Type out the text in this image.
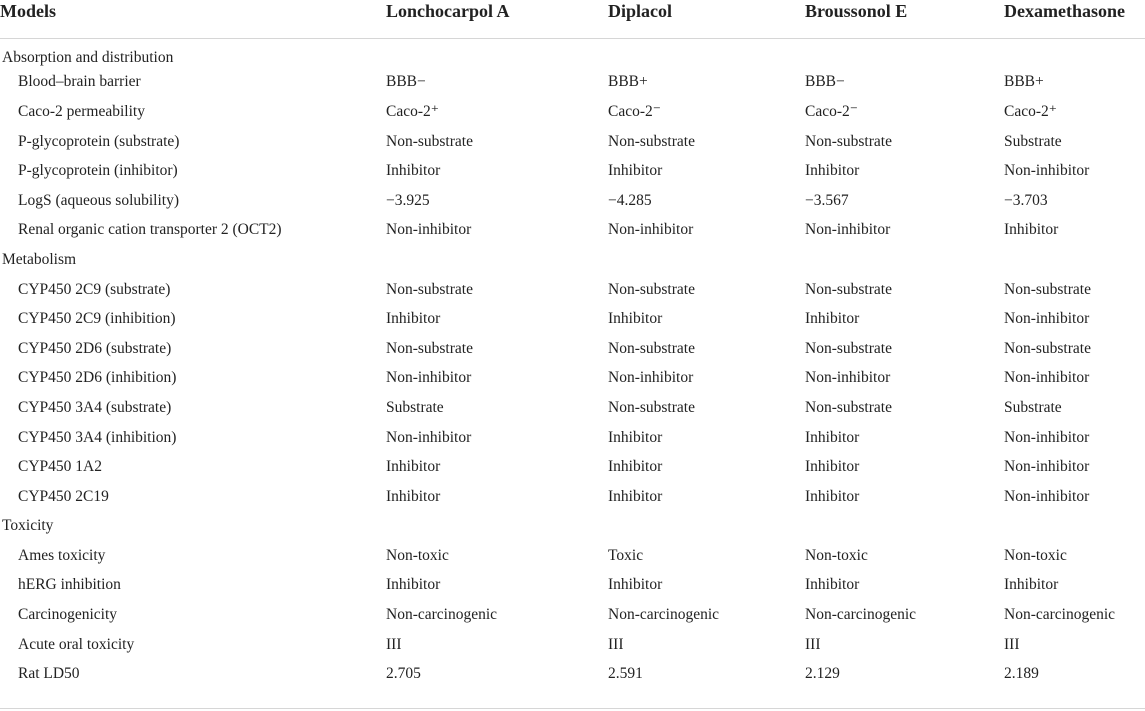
Models	Lonchocarpol A	Diplacol	Broussonol E	Dexamethasone
Absorption and distribution				
Blood–brain barrier	BBB−	BBB+	BBB−	BBB+
Caco-2 permeability	Caco-2⁺	Caco-2⁻	Caco-2⁻	Caco-2⁺
P-glycoprotein (substrate)	Non-substrate	Non-substrate	Non-substrate	Substrate
P-glycoprotein (inhibitor)	Inhibitor	Inhibitor	Inhibitor	Non-inhibitor
LogS (aqueous solubility)	−3.925	−4.285	−3.567	−3.703
Renal organic cation transporter 2 (OCT2)	Non-inhibitor	Non-inhibitor	Non-inhibitor	Inhibitor
Metabolism				
CYP450 2C9 (substrate)	Non-substrate	Non-substrate	Non-substrate	Non-substrate
CYP450 2C9 (inhibition)	Inhibitor	Inhibitor	Inhibitor	Non-inhibitor
CYP450 2D6 (substrate)	Non-substrate	Non-substrate	Non-substrate	Non-substrate
CYP450 2D6 (inhibition)	Non-inhibitor	Non-inhibitor	Non-inhibitor	Non-inhibitor
CYP450 3A4 (substrate)	Substrate	Non-substrate	Non-substrate	Substrate
CYP450 3A4 (inhibition)	Non-inhibitor	Inhibitor	Inhibitor	Non-inhibitor
CYP450 1A2	Inhibitor	Inhibitor	Inhibitor	Non-inhibitor
CYP450 2C19	Inhibitor	Inhibitor	Inhibitor	Non-inhibitor
Toxicity				
Ames toxicity	Non-toxic	Toxic	Non-toxic	Non-toxic
hERG inhibition	Inhibitor	Inhibitor	Inhibitor	Inhibitor
Carcinogenicity	Non-carcinogenic	Non-carcinogenic	Non-carcinogenic	Non-carcinogenic
Acute oral toxicity	III	III	III	III
Rat LD50	2.705	2.591	2.129	2.189
